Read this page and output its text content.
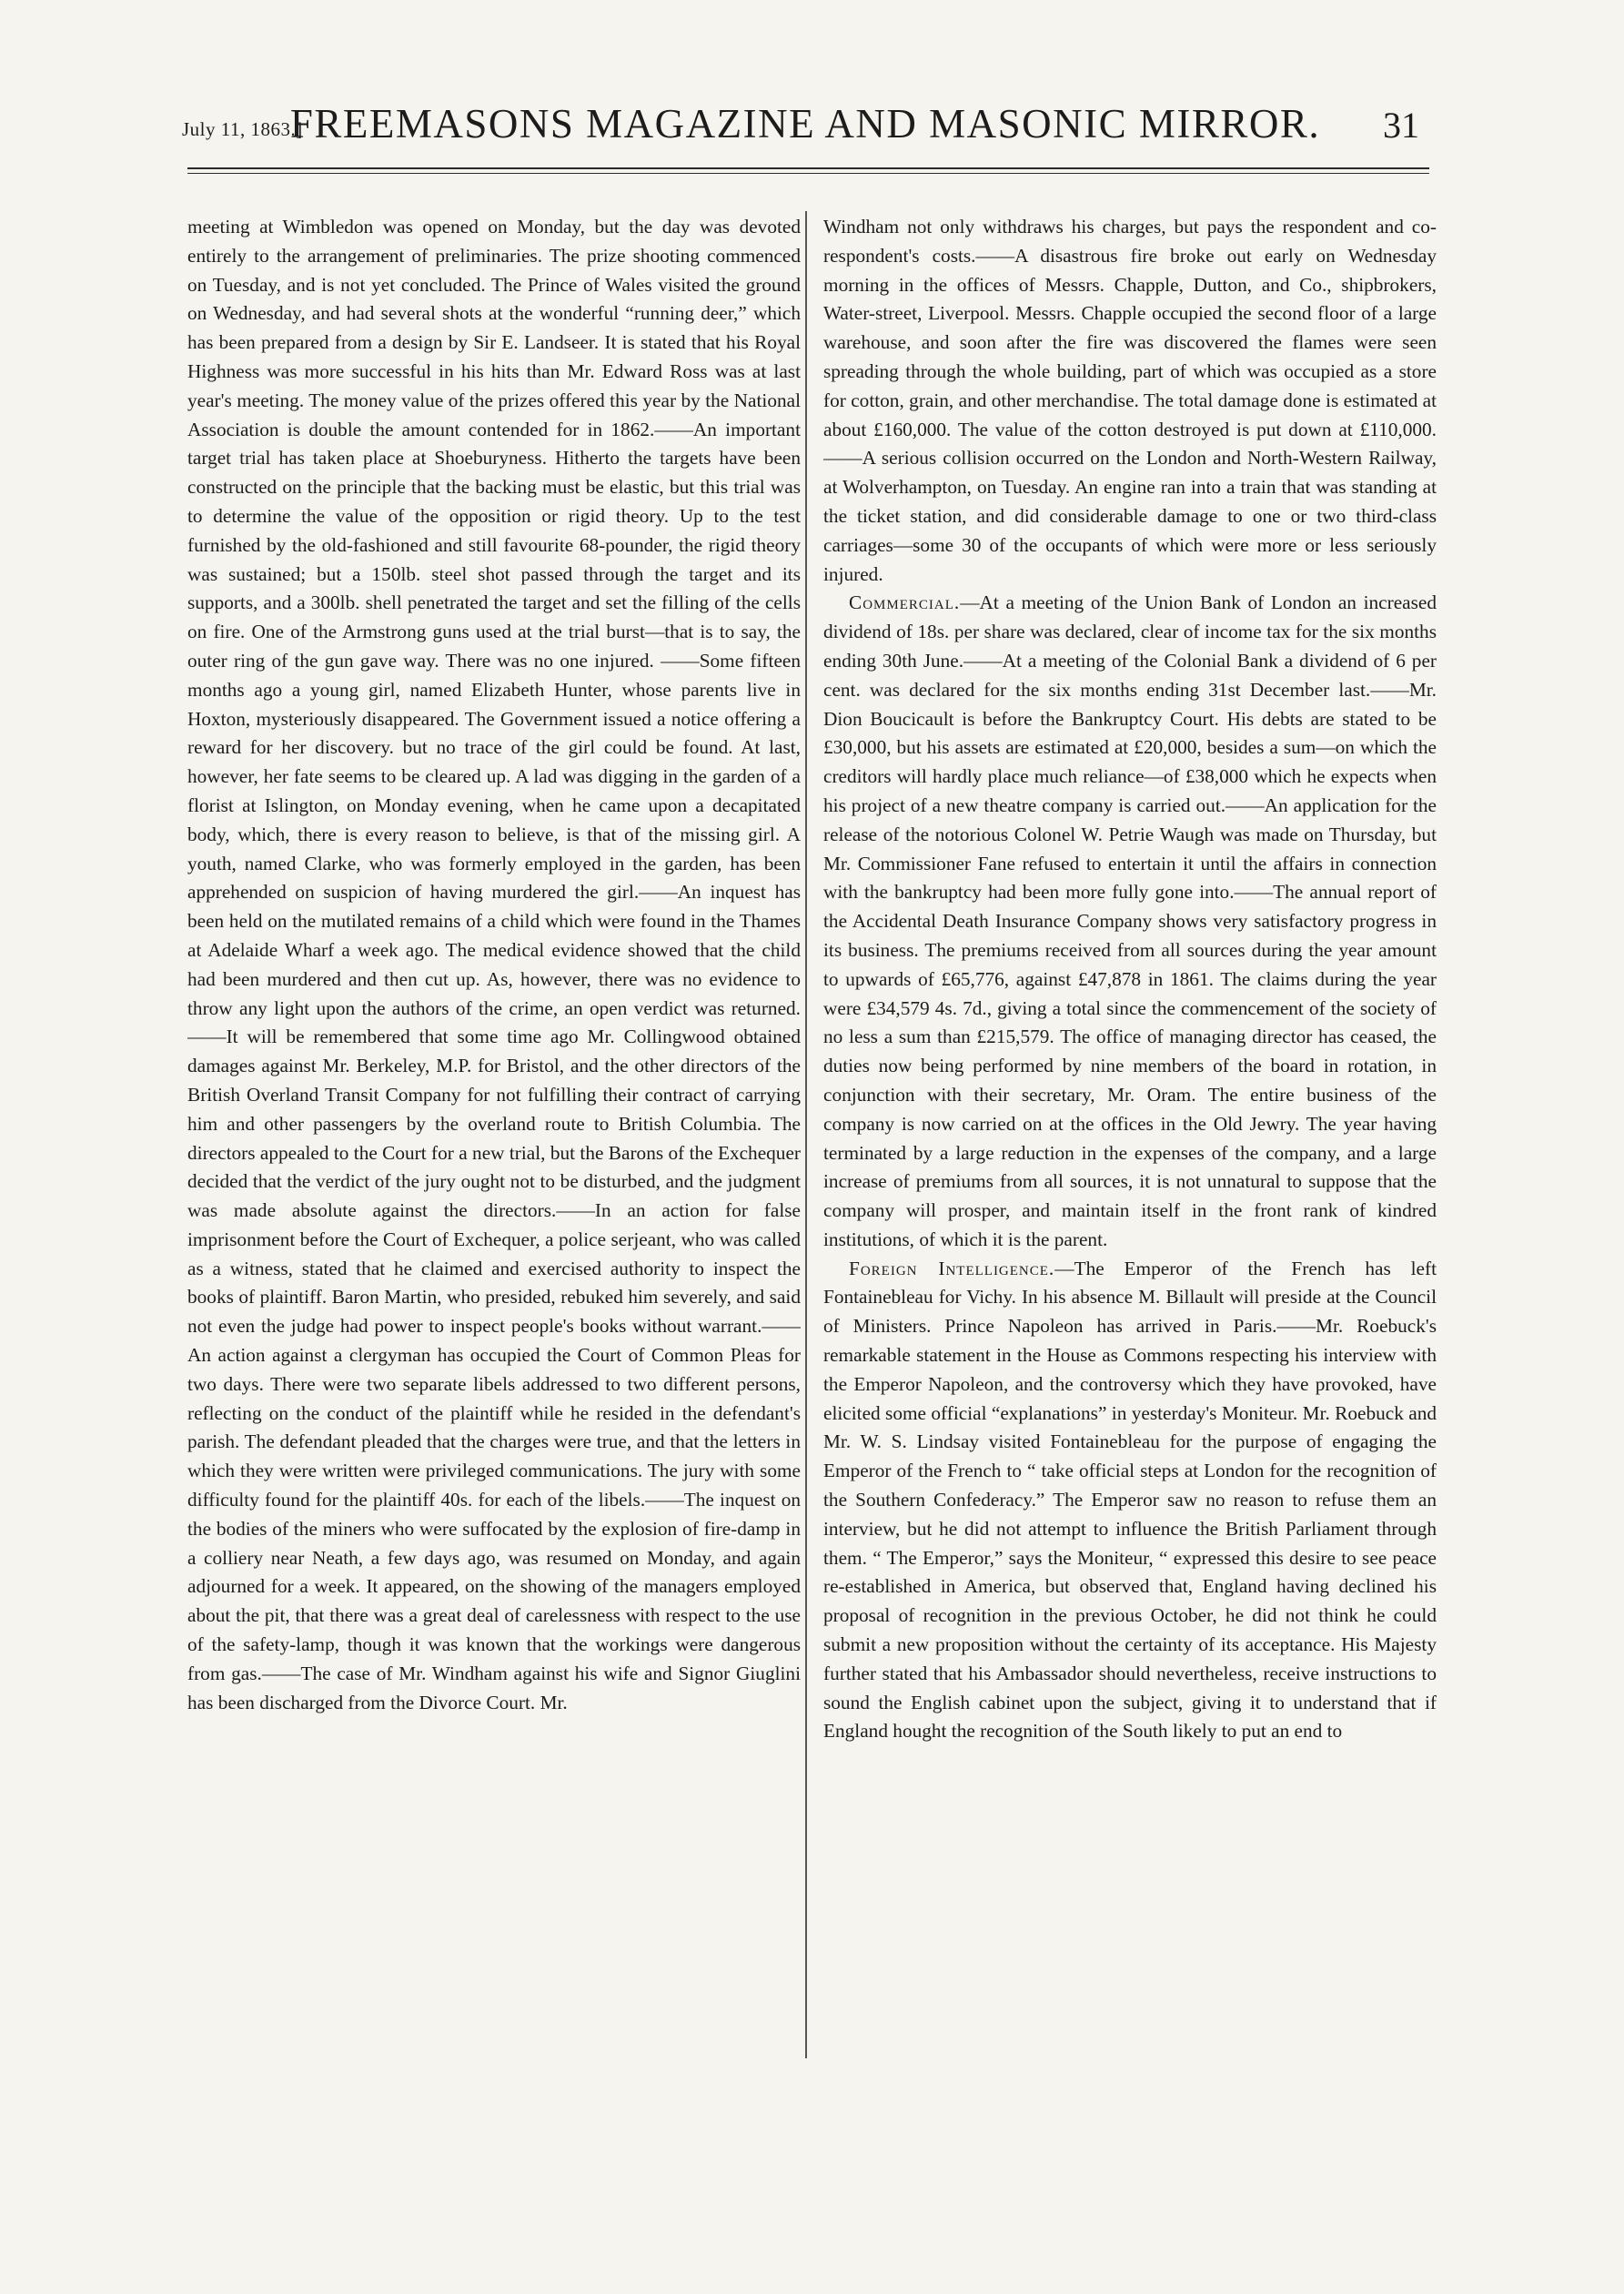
July 11, 1863.]
FREEMASONS MAGAZINE AND MASONIC MIRROR.	31

meeting at Wimbledon was opened on Monday, but the day was devoted entirely to the arrangement of preliminaries. The prize shooting commenced on Tuesday, and is not yet concluded. The Prince of Wales visited the ground on Wednesday, and had several shots at the wonderful “running deer,” which has been prepared from a design by Sir E. Landseer. It is stated that his Royal Highness was more successful in his hits than Mr. Edward Ross was at last year's meeting. The money value of the prizes offered this year by the National Association is double the amount contended for in 1862.——An important target trial has taken place at Shoeburyness. Hitherto the targets have been constructed on the principle that the backing must be elastic, but this trial was to determine the value of the opposition or rigid theory. Up to the test furnished by the old-fashioned and still favourite 68-pounder, the rigid theory was sustained; but a 150lb. steel shot passed through the target and its supports, and a 300lb. shell penetrated the target and set the filling of the cells on fire. One of the Armstrong guns used at the trial burst—that is to say, the outer ring of the gun gave way. There was no one injured. ——Some fifteen months ago a young girl, named Elizabeth Hunter, whose parents live in Hoxton, mysteriously disappeared. The Government issued a notice offering a reward for her discovery. but no trace of the girl could be found. At last, however, her fate seems to be cleared up. A lad was digging in the garden of a florist at Islington, on Monday evening, when he came upon a decapitated body, which, there is every reason to believe, is that of the missing girl. A youth, named Clarke, who was formerly employed in the garden, has been apprehended on suspicion of having murdered the girl.——An inquest has been held on the mutilated remains of a child which were found in the Thames at Adelaide Wharf a week ago. The medical evidence showed that the child had been murdered and then cut up. As, however, there was no evidence to throw any light upon the authors of the crime, an open verdict was returned.——It will be remembered that some time ago Mr. Collingwood obtained damages against Mr. Berkeley, M.P. for Bristol, and the other directors of the British Overland Transit Company for not fulfilling their contract of carrying him and other passengers by the overland route to British Columbia. The directors appealed to the Court for a new trial, but the Barons of the Exchequer decided that the verdict of the jury ought not to be disturbed, and the judgment was made absolute against the directors.——In an action for false imprisonment before the Court of Exchequer, a police serjeant, who was called as a witness, stated that he claimed and exercised authority to inspect the books of plaintiff. Baron Martin, who presided, rebuked him severely, and said not even the judge had power to inspect people's books without warrant.——An action against a clergyman has occupied the Court of Common Pleas for two days. There were two separate libels addressed to two different persons, reflecting on the conduct of the plaintiff while he resided in the defendant's parish. The defendant pleaded that the charges were true, and that the letters in which they were written were privileged communications. The jury with some difficulty found for the plaintiff 40s. for each of the libels.——The inquest on the bodies of the miners who were suffocated by the explosion of fire-damp in a colliery near Neath, a few days ago, was resumed on Monday, and again adjourned for a week. It appeared, on the showing of the managers employed about the pit, that there was a great deal of carelessness with respect to the use of the safety-lamp, though it was known that the workings were dangerous from gas.——The case of Mr. Windham against his wife and Signor Giuglini has been discharged from the Divorce Court. Mr.

Windham not only withdraws his charges, but pays the respondent and co-respondent's costs.——A disastrous fire broke out early on Wednesday morning in the offices of Messrs. Chapple, Dutton, and Co., shipbrokers, Water-street, Liverpool. Messrs. Chapple occupied the second floor of a large warehouse, and soon after the fire was discovered the flames were seen spreading through the whole building, part of which was occupied as a store for cotton, grain, and other merchandise. The total damage done is estimated at about £160,000. The value of the cotton destroyed is put down at £110,000.——A serious collision occurred on the London and North-Western Railway, at Wolverhampton, on Tuesday. An engine ran into a train that was standing at the ticket station, and did considerable damage to one or two third-class carriages—some 30 of the occupants of which were more or less seriously injured.

Commercial.—At a meeting of the Union Bank of London an increased dividend of 18s. per share was declared, clear of income tax for the six months ending 30th June.——At a meeting of the Colonial Bank a dividend of 6 per cent. was declared for the six months ending 31st December last.——Mr. Dion Boucicault is before the Bankruptcy Court. His debts are stated to be £30,000, but his assets are estimated at £20,000, besides a sum—on which the creditors will hardly place much reliance—of £38,000 which he expects when his project of a new theatre company is carried out.——An application for the release of the notorious Colonel W. Petrie Waugh was made on Thursday, but Mr. Commissioner Fane refused to entertain it until the affairs in connection with the bankruptcy had been more fully gone into.——The annual report of the Accidental Death Insurance Company shows very satisfactory progress in its business. The premiums received from all sources during the year amount to upwards of £65,776, against £47,878 in 1861. The claims during the year were £34,579 4s. 7d., giving a total since the commencement of the society of no less a sum than £215,579. The office of managing director has ceased, the duties now being performed by nine members of the board in rotation, in conjunction with their secretary, Mr. Oram. The entire business of the company is now carried on at the offices in the Old Jewry. The year having terminated by a large reduction in the expenses of the company, and a large increase of premiums from all sources, it is not unnatural to suppose that the company will prosper, and maintain itself in the front rank of kindred institutions, of which it is the parent.

Foreign Intelligence.—The Emperor of the French has left Fontainebleau for Vichy. In his absence M. Billault will preside at the Council of Ministers. Prince Napoleon has arrived in Paris.——Mr. Roebuck's remarkable statement in the House as Commons respecting his interview with the Emperor Napoleon, and the controversy which they have provoked, have elicited some official “explanations” in yesterday's Moniteur. Mr. Roebuck and Mr. W. S. Lindsay visited Fontainebleau for the purpose of engaging the Emperor of the French to “ take official steps at London for the recognition of the Southern Confederacy.” The Emperor saw no reason to refuse them an interview, but he did not attempt to influence the British Parliament through them. “ The Emperor,” says the Moniteur, “ expressed this desire to see peace re-established in America, but observed that, England having declined his proposal of recognition in the previous October, he did not think he could submit a new proposition without the certainty of its acceptance. His Majesty further stated that his Ambassador should nevertheless, receive instructions to sound the English cabinet upon the subject, giving it to understand that if England hought the recognition of the South likely to put an end to
